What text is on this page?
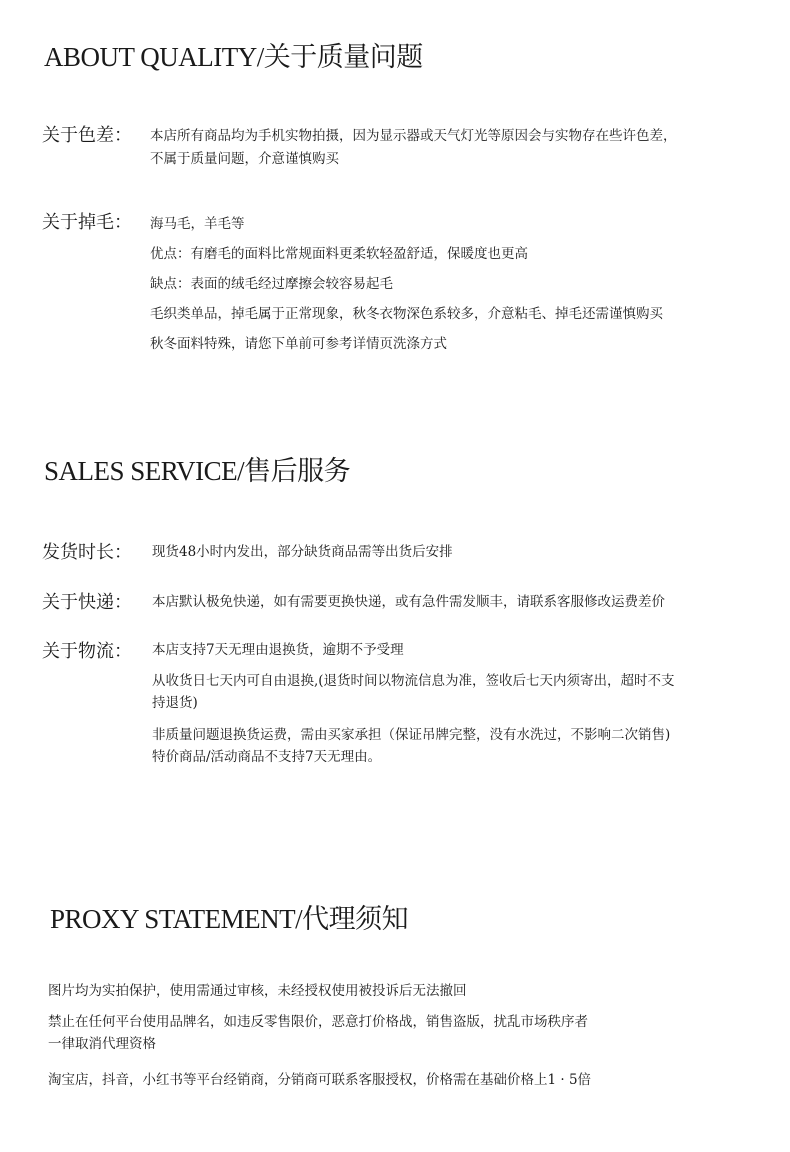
ABOUT QUALITY/关于质量问题
关于色差： 本店所有商品均为手机实物拍摄，因为显示器或天气灯光等原因会与实物存在些许色差，
不属于质量问题，介意谨慎购买
关于掉毛： 海马毛，羊毛等
优点：有磨毛的面料比常规面料更柔软轻盈舒适，保暖度也更高
缺点：表面的绒毛经过摩擦会较容易起毛
毛织类单品，掉毛属于正常现象，秋冬衣物深色系较多，介意粘毛、掉毛还需谨慎购买
秋冬面料特殊，请您下单前可参考详情页洗涤方式
SALES SERVICE/售后服务
发货时长： 现货48小时内发出，部分缺货商品需等出货后安排
关于快递： 本店默认极免快递，如有需要更换快递，或有急件需发顺丰，请联系客服修改运费差价
关于物流： 本店支持7天无理由退换货，逾期不予受理
从收货日七天内可自由退换,(退货时间以物流信息为准，签收后七天内须寄出，超时不支
持退货)
非质量问题退换货运费，需由买家承担（保证吊牌完整，没有水洗过，不影响二次销售)
特价商品/活动商品不支持7天无理由。
PROXY STATEMENT/代理须知
图片均为实拍保护，使用需通过审核，未经授权使用被投诉后无法撤回
禁止在任何平台使用品牌名，如违反零售限价，恶意打价格战，销售盗版，扰乱市场秩序者
一律取消代理资格
淘宝店，抖音，小红书等平台经销商，分销商可联系客服授权，价格需在基础价格上1 · 5倍
